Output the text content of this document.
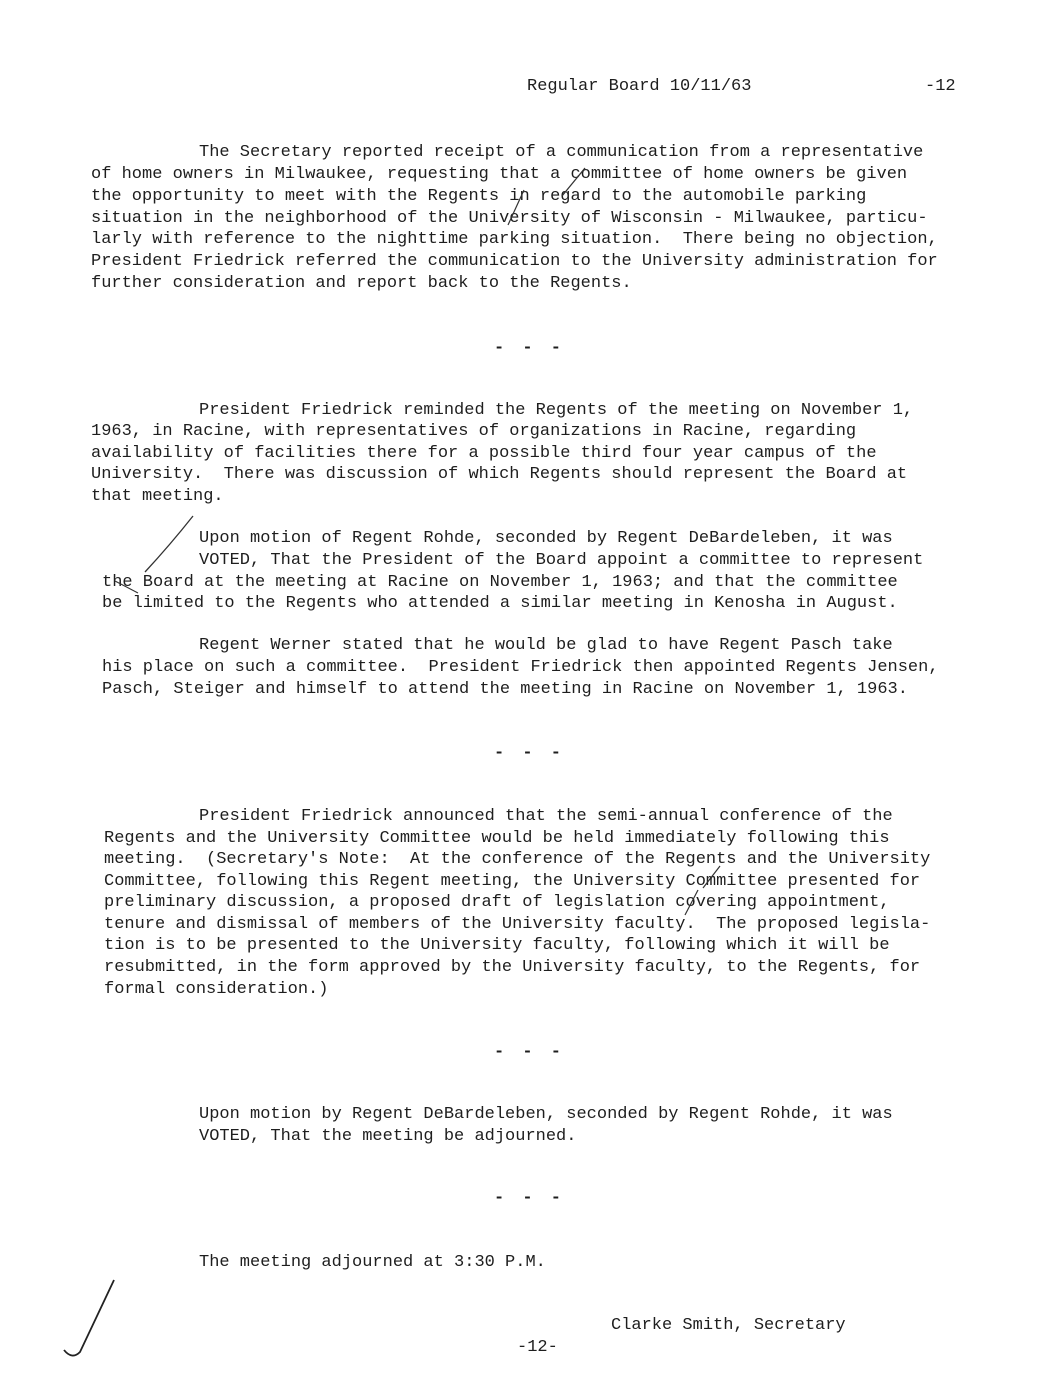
Regular Board 10/11/63	-12
The Secretary reported receipt of a communication from a representative
of home owners in Milwaukee, requesting that a committee of home owners be given
the opportunity to meet with the Regents in regard to the automobile parking
situation in the neighborhood of the University of Wisconsin - Milwaukee, particu-
larly with reference to the nighttime parking situation.  There being no objection,
President Friedrick referred the communication to the University administration for
further consideration and report back to the Regents.
- - -
President Friedrick reminded the Regents of the meeting on November 1,
1963, in Racine, with representatives of organizations in Racine, regarding
availability of facilities there for a possible third four year campus of the
University.  There was discussion of which Regents should represent the Board at
that meeting.
Upon motion of Regent Rohde, seconded by Regent DeBardeleben, it was
VOTED, That the President of the Board appoint a committee to represent
the Board at the meeting at Racine on November 1, 1963; and that the committee
be limited to the Regents who attended a similar meeting in Kenosha in August.
Regent Werner stated that he would be glad to have Regent Pasch take
his place on such a committee.  President Friedrick then appointed Regents Jensen,
Pasch, Steiger and himself to attend the meeting in Racine on November 1, 1963.
- - -
President Friedrick announced that the semi-annual conference of the
Regents and the University Committee would be held immediately following this
meeting.  (Secretary's Note:  At the conference of the Regents and the University
Committee, following this Regent meeting, the University Committee presented for
preliminary discussion, a proposed draft of legislation covering appointment,
tenure and dismissal of members of the University faculty.  The proposed legisla-
tion is to be presented to the University faculty, following which it will be
resubmitted, in the form approved by the University faculty, to the Regents, for
formal consideration.)
- - -
Upon motion by Regent DeBardeleben, seconded by Regent Rohde, it was
VOTED, That the meeting be adjourned.
- - -
The meeting adjourned at 3:30 P.M.
Clarke Smith, Secretary
-12-
